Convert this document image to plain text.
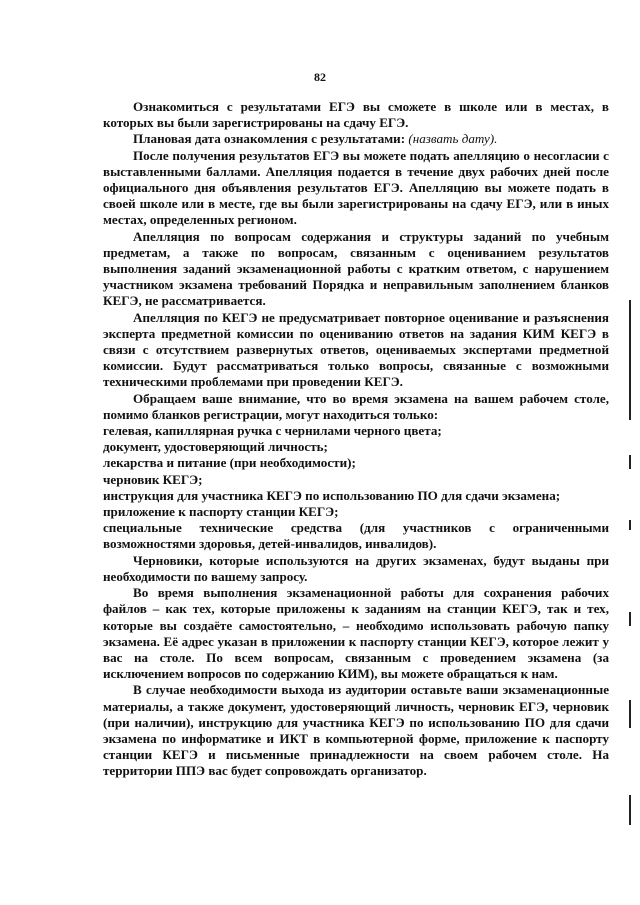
82

Ознакомиться с результатами ЕГЭ вы сможете в школе или в местах, в которых вы были зарегистрированы на сдачу ЕГЭ.

Плановая дата ознакомления с результатами: (назвать дату).

После получения результатов ЕГЭ вы можете подать апелляцию о несогласии с выставленными баллами. Апелляция подается в течение двух рабочих дней после официального дня объявления результатов ЕГЭ. Апелляцию вы можете подать в своей школе или в месте, где вы были зарегистрированы на сдачу ЕГЭ, или в иных местах, определенных регионом.

Апелляция по вопросам содержания и структуры заданий по учебным предметам, а также по вопросам, связанным с оцениванием результатов выполнения заданий экзаменационной работы с кратким ответом, с нарушением участником экзамена требований Порядка и неправильным заполнением бланков КЕГЭ, не рассматривается.

Апелляция по КЕГЭ не предусматривает повторное оценивание и разъяснения эксперта предметной комиссии по оцениванию ответов на задания КИМ КЕГЭ в связи с отсутствием развернутых ответов, оцениваемых экспертами предметной комиссии. Будут рассматриваться только вопросы, связанные с возможными техническими проблемами при проведении КЕГЭ.

Обращаем ваше внимание, что во время экзамена на вашем рабочем столе, помимо бланков регистрации, могут находиться только:

гелевая, капиллярная ручка с чернилами черного цвета;

документ, удостоверяющий личность;

лекарства и питание (при необходимости);

черновик КЕГЭ;

инструкция для участника КЕГЭ по использованию ПО для сдачи экзамена;

приложение к паспорту станции КЕГЭ;

специальные технические средства (для участников с ограниченными возможностями здоровья, детей-инвалидов, инвалидов).

Черновики, которые используются на других экзаменах, будут выданы при необходимости по вашему запросу.

Во время выполнения экзаменационной работы для сохранения рабочих файлов – как тех, которые приложены к заданиям на станции КЕГЭ, так и тех, которые вы создаёте самостоятельно, – необходимо использовать рабочую папку экзамена. Её адрес указан в приложении к паспорту станции КЕГЭ, которое лежит у вас на столе. По всем вопросам, связанным с проведением экзамена (за исключением вопросов по содержанию КИМ), вы можете обращаться к нам.

В случае необходимости выхода из аудитории оставьте ваши экзаменационные материалы, а также документ, удостоверяющий личность, черновик ЕГЭ, черновик (при наличии), инструкцию для участника КЕГЭ по использованию ПО для сдачи экзамена по информатике и ИКТ в компьютерной форме, приложение к паспорту станции КЕГЭ и письменные принадлежности на своем рабочем столе. На территории ППЭ вас будет сопровождать организатор.
